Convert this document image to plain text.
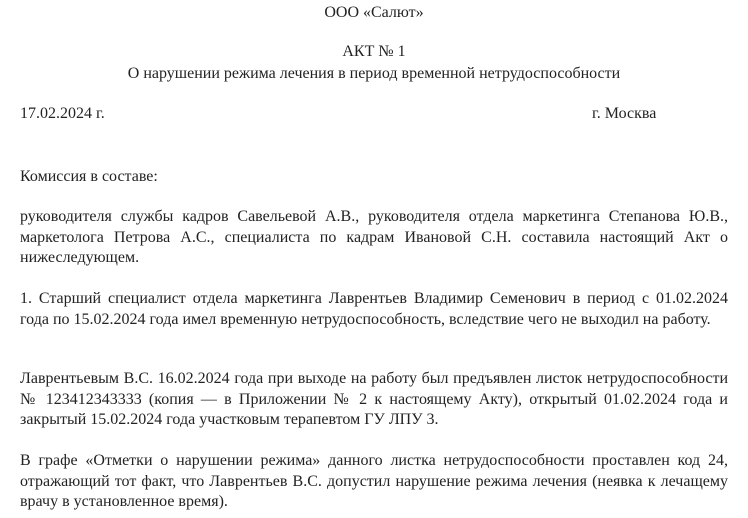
ООО «Салют»
АКТ № 1
О нарушении режима лечения в период временной нетрудоспособности
17.02.2024 г.	г. Москва
Комиссия в составе:
руководителя службы кадров Савельевой А.В., руководителя отдела маркетинга Степанова Ю.В., маркетолога Петрова А.С., специалиста по кадрам Ивановой С.Н. составила настоящий Акт о нижеследующем.
1. Старший специалист отдела маркетинга Лаврентьев Владимир Семенович в период с 01.02.2024 года по 15.02.2024 года имел временную нетрудоспособность, вследствие чего не выходил на работу.
Лаврентьевым В.С. 16.02.2024 года при выходе на работу был предъявлен листок нетрудоспособности № 123412343333 (копия — в Приложении № 2 к настоящему Акту), открытый 01.02.2024 года и закрытый 15.02.2024 года участковым терапевтом ГУ ЛПУ 3.
В графе «Отметки о нарушении режима» данного листка нетрудоспособности проставлен код 24, отражающий тот факт, что Лаврентьев В.С. допустил нарушение режима лечения (неявка к лечащему врачу в установленное время).
